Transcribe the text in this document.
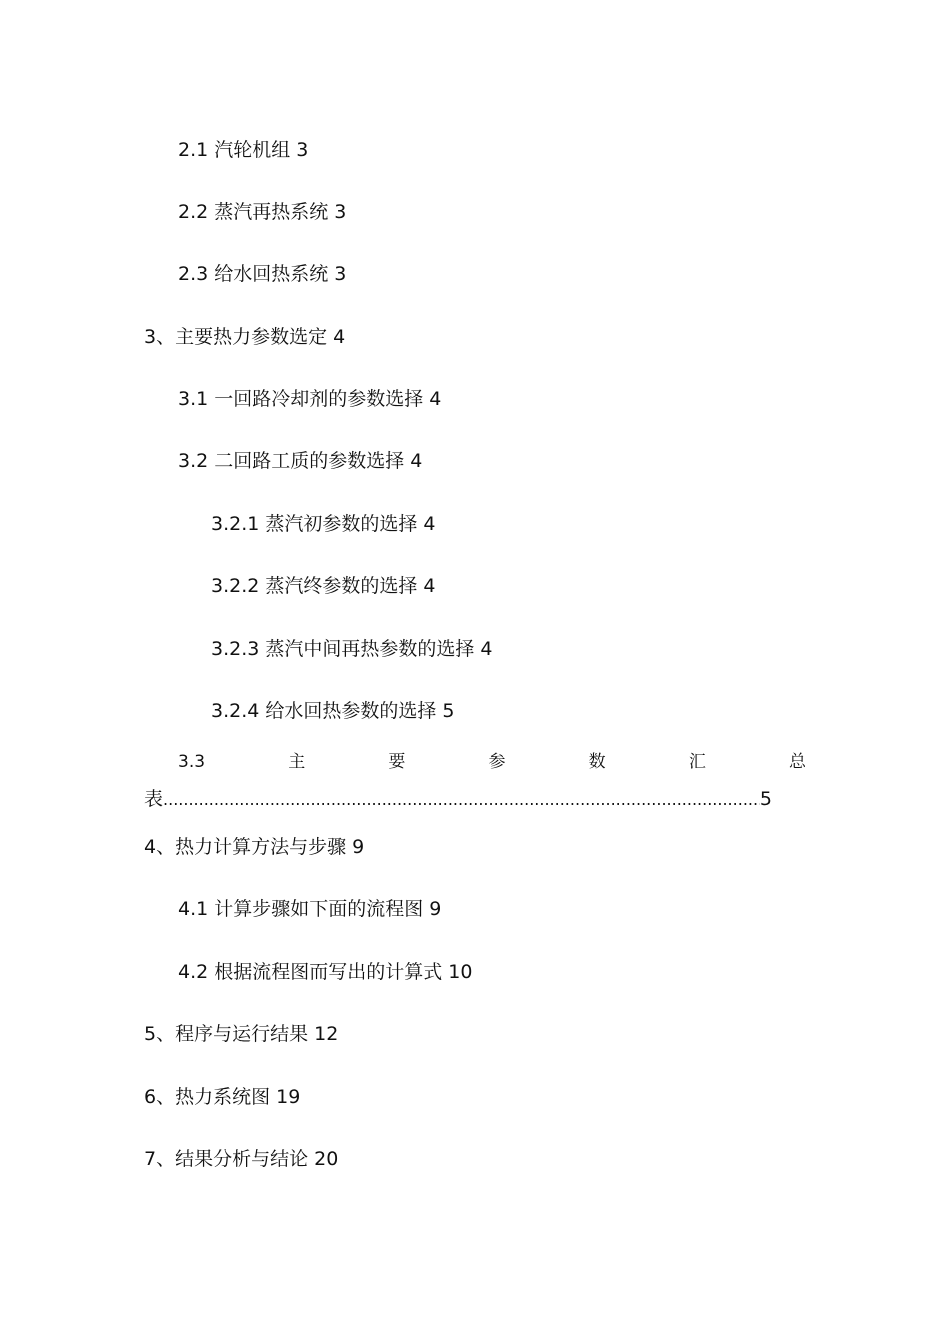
2.1 汽轮机组 3
2.2 蒸汽再热系统 3
2.3 给水回热系统 3
3、主要热力参数选定 4
3.1 一回路冷却剂的参数选择 4
3.2 二回路工质的参数选择 4
3.2.1 蒸汽初参数的选择 4
3.2.2 蒸汽终参数的选择 4
3.2.3 蒸汽中间再热参数的选择 4
3.2.4 给水回热参数的选择 5
3.3	主	要	参	数	汇	总
表
.....	5
4、热力计算方法与步骤 9
4.1 计算步骤如下面的流程图 9
4.2 根据流程图而写出的计算式 10
5、程序与运行结果 12
6、热力系统图 19
7、结果分析与结论 20
